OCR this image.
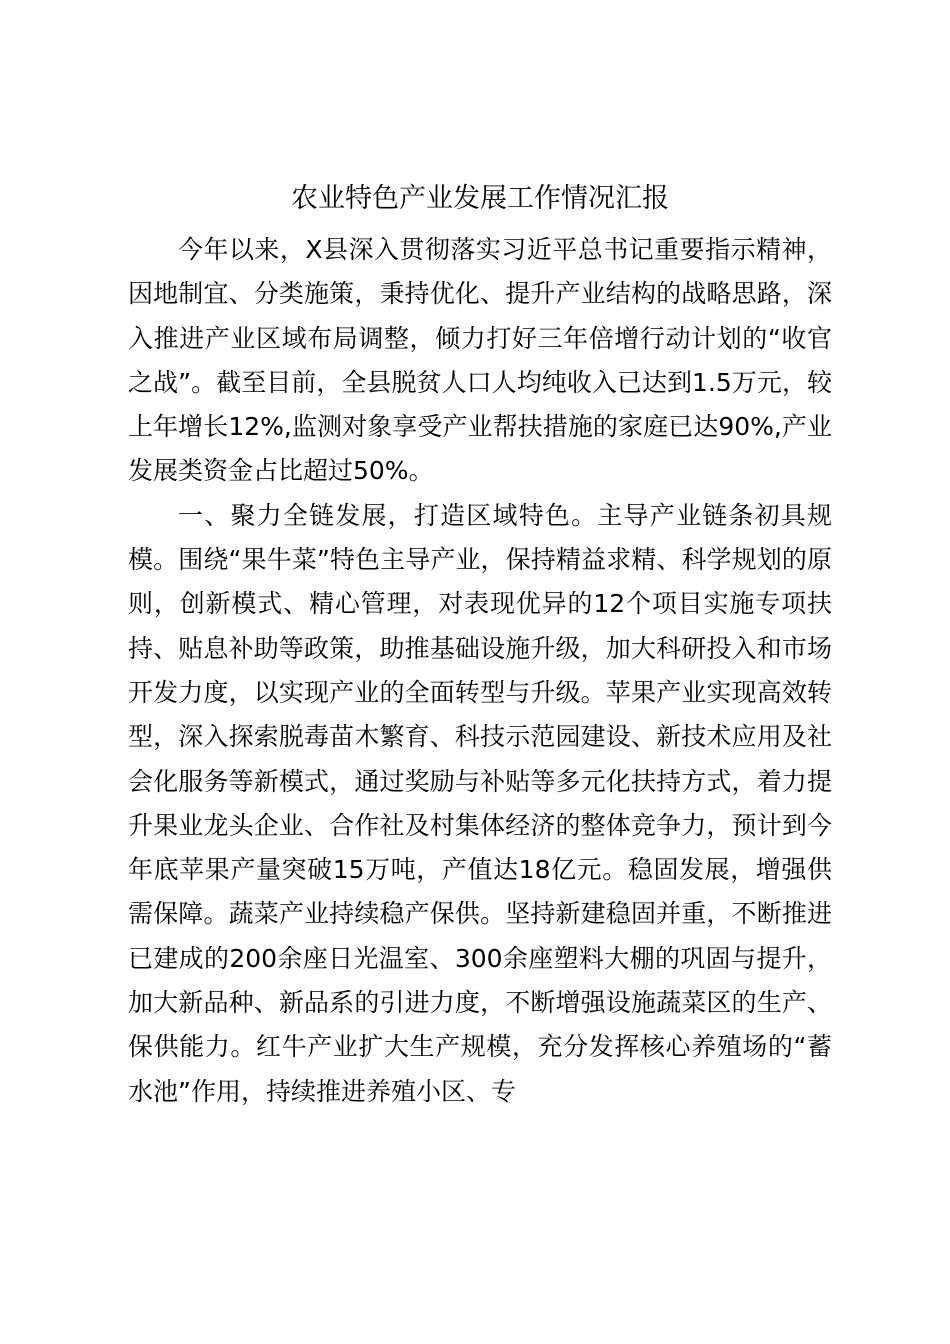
农业特色产业发展工作情况汇报

今年以来，X县深入贯彻落实习近平总书记重要指示精神，因地制宜、分类施策，秉持优化、提升产业结构的战略思路，深入推进产业区域布局调整，倾力打好三年倍增行动计划的“收官之战”。截至目前，全县脱贫人口人均纯收入已达到1.5万元，较上年增长12%,监测对象享受产业帮扶措施的家庭已达90%,产业发展类资金占比超过50%。

一、聚力全链发展，打造区域特色。主导产业链条初具规模。围绕“果牛菜”特色主导产业，保持精益求精、科学规划的原则，创新模式、精心管理，对表现优异的12个项目实施专项扶持、贴息补助等政策，助推基础设施升级，加大科研投入和市场开发力度，以实现产业的全面转型与升级。苹果产业实现高效转型，深入探索脱毒苗木繁育、科技示范园建设、新技术应用及社会化服务等新模式，通过奖励与补贴等多元化扶持方式，着力提升果业龙头企业、合作社及村集体经济的整体竞争力，预计到今年底苹果产量突破15万吨，产值达18亿元。稳固发展，增强供需保障。蔬菜产业持续稳产保供。坚持新建稳固并重，不断推进已建成的200余座日光温室、300余座塑料大棚的巩固与提升，加大新品种、新品系的引进力度，不断增强设施蔬菜区的生产、保供能力。红牛产业扩大生产规模，充分发挥核心养殖场的“蓄水池”作用，持续推进养殖小区、专
